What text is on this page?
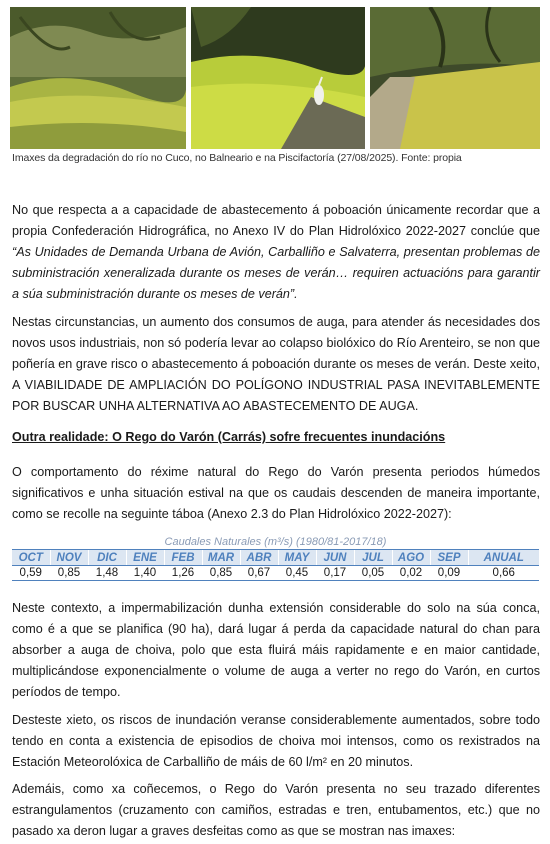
Imaxes da degradación do río no Cuco, no Balneario e na Piscifactoría (27/08/2025). Fonte: propia

No que respecta a a capacidade de abastecemento á poboación únicamente recordar que a propia Confederación Hidrográfica, no Anexo IV do Plan Hidrolóxico 2022-2027 conclúe que “As Unidades de Demanda Urbana de Avión, Carballiño e Salvaterra, presentan problemas de subministración xeneralizada durante os meses de verán… requiren actuacións para garantir a súa subministración durante os meses de verán”.

Nestas circunstancias, un aumento dos consumos de auga, para atender ás necesidades dos novos usos industriais, non só podería levar ao colapso biolóxico do Río Arenteiro, se non que poñería en grave risco o abastecemento á poboación durante os meses de verán. Deste xeito, A VIABILIDADE DE AMPLIACIÓN DO POLÍGONO INDUSTRIAL PASA INEVITABLEMENTE POR BUSCAR UNHA ALTERNATIVA AO ABASTECEMENTO DE AUGA.

Outra realidade: O Rego do Varón (Carrás) sofre frecuentes inundacións

O comportamento do réxime natural do Rego do Varón presenta periodos húmedos significativos e unha situación estival na que os caudais descenden de maneira importante, como se recolle na seguinte táboa (Anexo 2.3 do Plan Hidrolóxico 2022-2027):

Caudales Naturales (m³/s) (1980/81-2017/18)
OCT	NOV	DIC	ENE	FEB	MAR	ABR	MAY	JUN	JUL	AGO	SEP	ANUAL
0,59	0,85	1,48	1,40	1,26	0,85	0,67	0,45	0,17	0,05	0,02	0,09	0,66

Neste contexto, a impermabilización dunha extensión considerable do solo na súa conca, como é a que se planifica (90 ha), dará lugar á perda da capacidade natural do chan para absorber a auga de choiva, polo que esta fluirá máis rapidamente e en maior cantidade, multiplicándose exponencialmente o volume de auga a verter no rego do Varón, en curtos períodos de tempo.

Desteste xieto, os riscos de inundación veranse considerablemente aumentados, sobre todo tendo en conta a existencia de episodios de choiva moi intensos, como os rexistrados na Estación Meteorolóxica de Carballiño de máis de 60 l/m² en 20 minutos.

Ademáis, como xa coñecemos, o Rego do Varón presenta no seu trazado diferentes estrangulamentos (cruzamento con camiños, estradas e tren, entubamentos, etc.) que no pasado xa deron lugar a graves desfeitas como as que se mostran nas imaxes:
